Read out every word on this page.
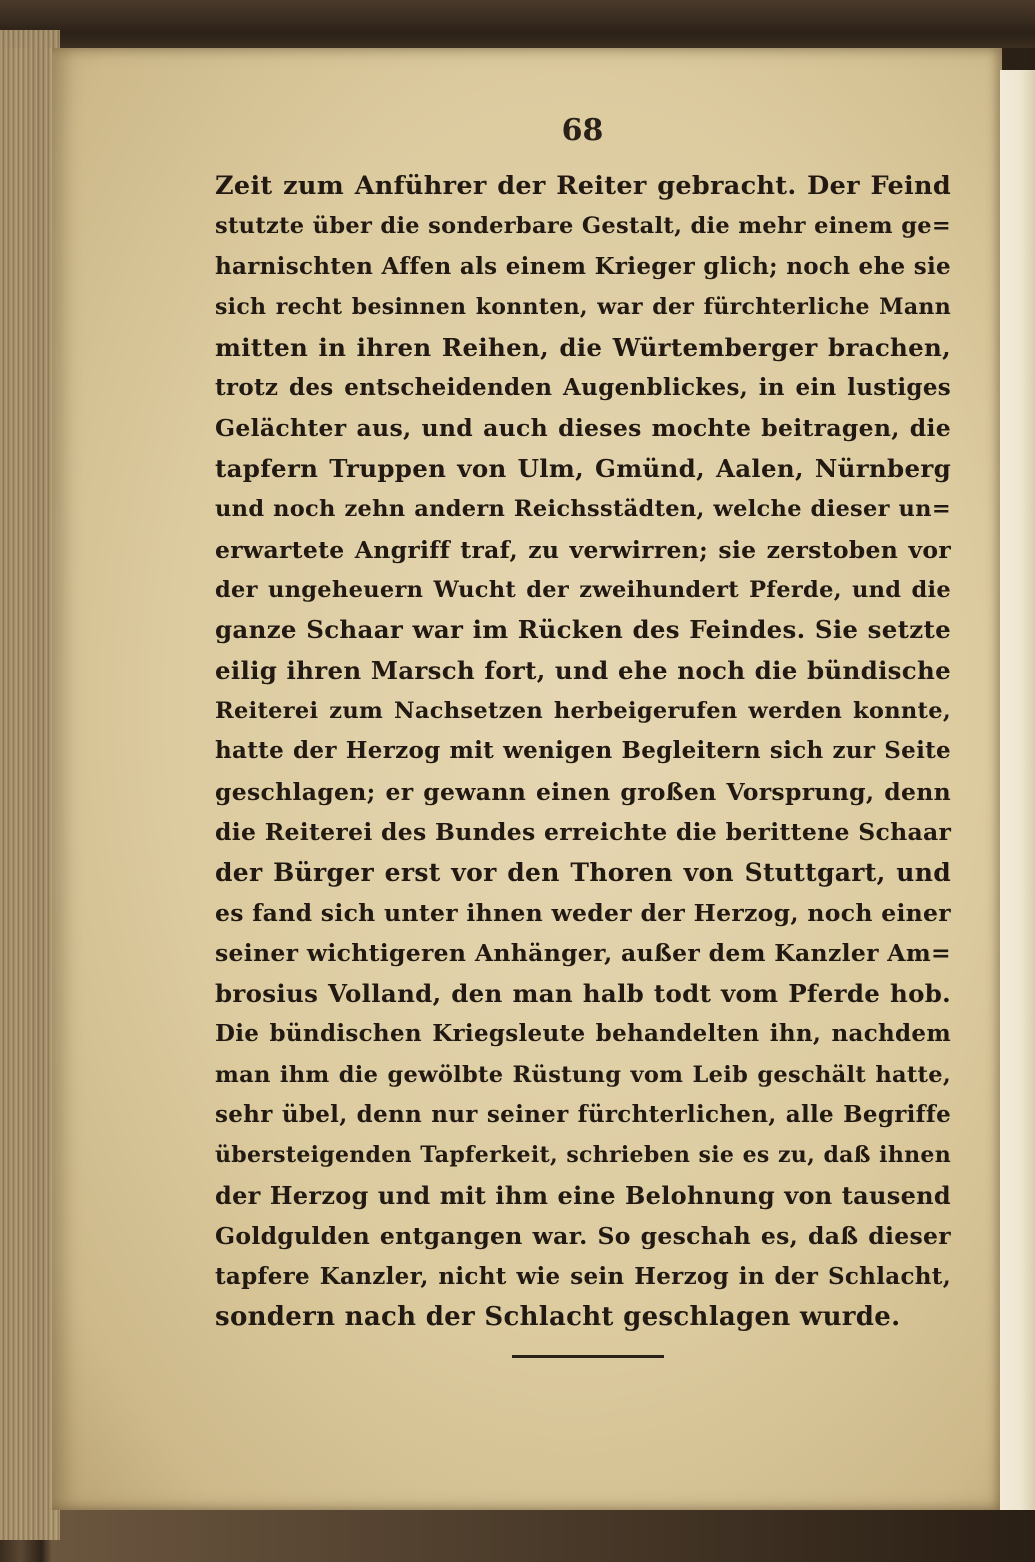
68
Zeit zum Anführer der Reiter gebracht. Der Feind
stutzte über die sonderbare Gestalt, die mehr einem ge=
harnischten Affen als einem Krieger glich; noch ehe sie
sich recht besinnen konnten, war der fürchterliche Mann
mitten in ihren Reihen, die Würtemberger brachen,
trotz des entscheidenden Augenblickes, in ein lustiges
Gelächter aus, und auch dieses mochte beitragen, die
tapfern Truppen von Ulm, Gmünd, Aalen, Nürnberg
und noch zehn andern Reichsstädten, welche dieser un=
erwartete Angriff traf, zu verwirren; sie zerstoben vor
der ungeheuern Wucht der zweihundert Pferde, und die
ganze Schaar war im Rücken des Feindes. Sie setzte
eilig ihren Marsch fort, und ehe noch die bündische
Reiterei zum Nachsetzen herbeigerufen werden konnte,
hatte der Herzog mit wenigen Begleitern sich zur Seite
geschlagen; er gewann einen großen Vorsprung, denn
die Reiterei des Bundes erreichte die berittene Schaar
der Bürger erst vor den Thoren von Stuttgart, und
es fand sich unter ihnen weder der Herzog, noch einer
seiner wichtigeren Anhänger, außer dem Kanzler Am=
brosius Volland, den man halb todt vom Pferde hob.
Die bündischen Kriegsleute behandelten ihn, nachdem
man ihm die gewölbte Rüstung vom Leib geschält hatte,
sehr übel, denn nur seiner fürchterlichen, alle Begriffe
übersteigenden Tapferkeit, schrieben sie es zu, daß ihnen
der Herzog und mit ihm eine Belohnung von tausend
Goldgulden entgangen war. So geschah es, daß dieser
tapfere Kanzler, nicht wie sein Herzog in der Schlacht,
sondern nach der Schlacht geschlagen wurde.
